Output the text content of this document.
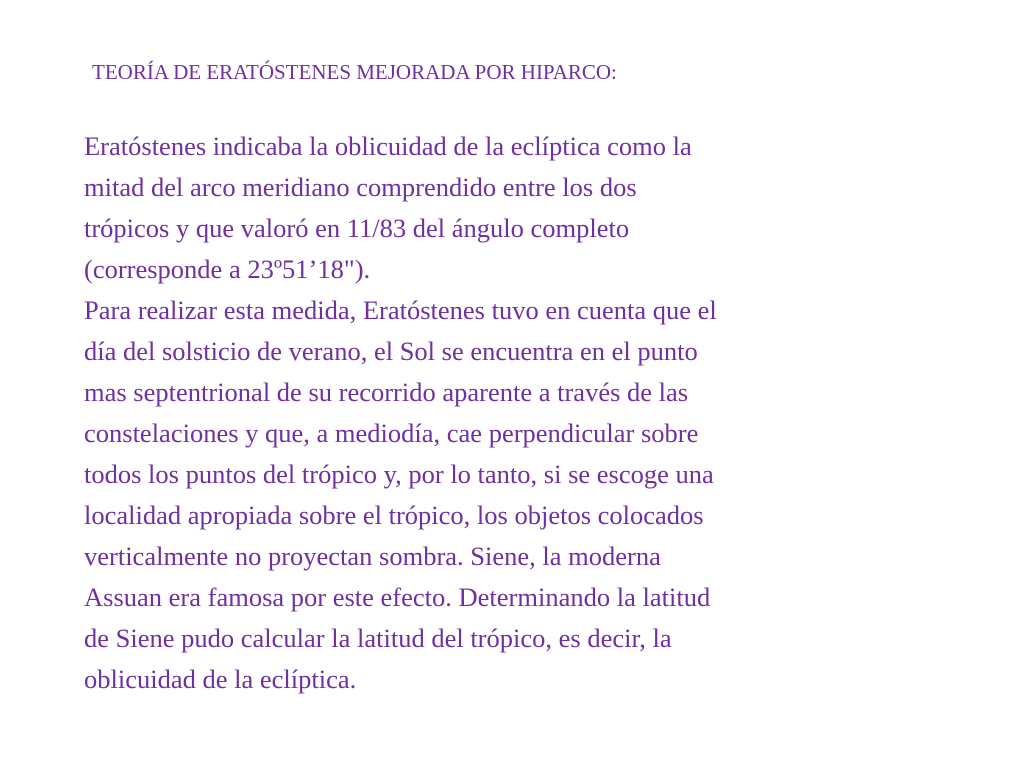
TEORÍA DE ERATÓSTENES MEJORADA POR HIPARCO:
Eratóstenes indicaba la oblicuidad de la eclíptica como la
mitad del arco meridiano comprendido entre los dos
trópicos y que valoró en 11/83 del ángulo completo
(corresponde a 23º51’18").
Para realizar esta medida, Eratóstenes tuvo en cuenta que el
día del solsticio de verano, el Sol se encuentra en el punto
mas septentrional de su recorrido aparente a través de las
constelaciones y que, a mediodía, cae perpendicular sobre
todos los puntos del trópico y, por lo tanto, si se escoge una
localidad apropiada sobre el trópico, los objetos colocados
verticalmente no proyectan sombra. Siene, la moderna
Assuan era famosa por este efecto. Determinando la latitud
de Siene pudo calcular la latitud del trópico, es decir, la
oblicuidad de la eclíptica.
